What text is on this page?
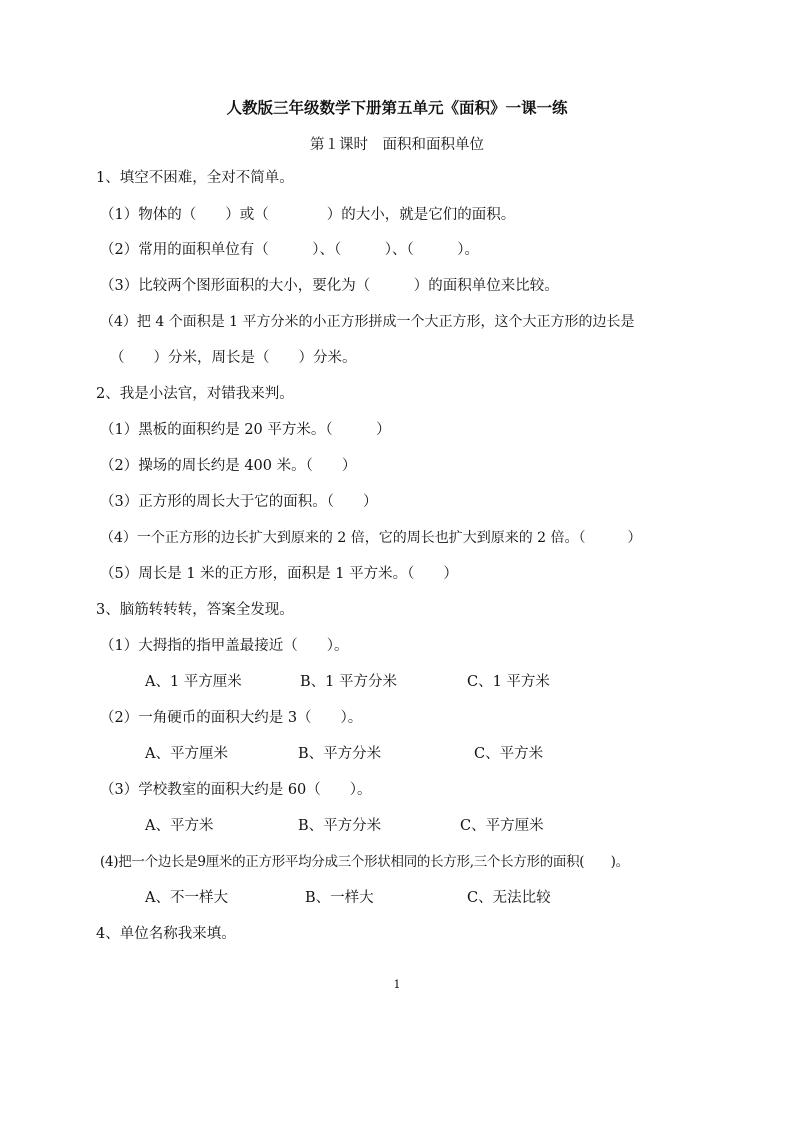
人教版三年级数学下册第五单元《面积》一课一练
第１课时　面积和面积单位
1、填空不困难，全对不简单。
（1）物体的（　　）或（　　　　）的大小，就是它们的面积。
（2）常用的面积单位有（　　　）、（　　　）、（　　　）。
（3）比较两个图形面积的大小，要化为（　　　）的面积单位来比较。
（4）把 4 个面积是 1 平方分米的小正方形拼成一个大正方形，这个大正方形的边长是
（　　）分米，周长是（　　）分米。
2、我是小法官，对错我来判。
（1）黑板的面积约是 20 平方米。（　　　）
（2）操场的周长约是 400 米。（　　）
（3）正方形的周长大于它的面积。（　　）
（4）一个正方形的边长扩大到原来的 2 倍，它的周长也扩大到原来的 2 倍。（　　　）
（5）周长是 1 米的正方形，面积是 1 平方米。（　　）
3、脑筋转转转，答案全发现。
（1）大拇指的指甲盖最接近（　　）。
A、1 平方厘米	B、1 平方分米	C、1 平方米
（2）一角硬币的面积大约是 3（　　）。
A、平方厘米	B、平方分米	C、平方米
（3）学校教室的面积大约是 60（　　）。
A、平方米	B、平方分米	C、平方厘米
(4)把一个边长是9厘米的正方形平均分成三个形状相同的长方形,三个长方形的面积(　　)。
A、不一样大	B、一样大	C、无法比较
4、单位名称我来填。
1
